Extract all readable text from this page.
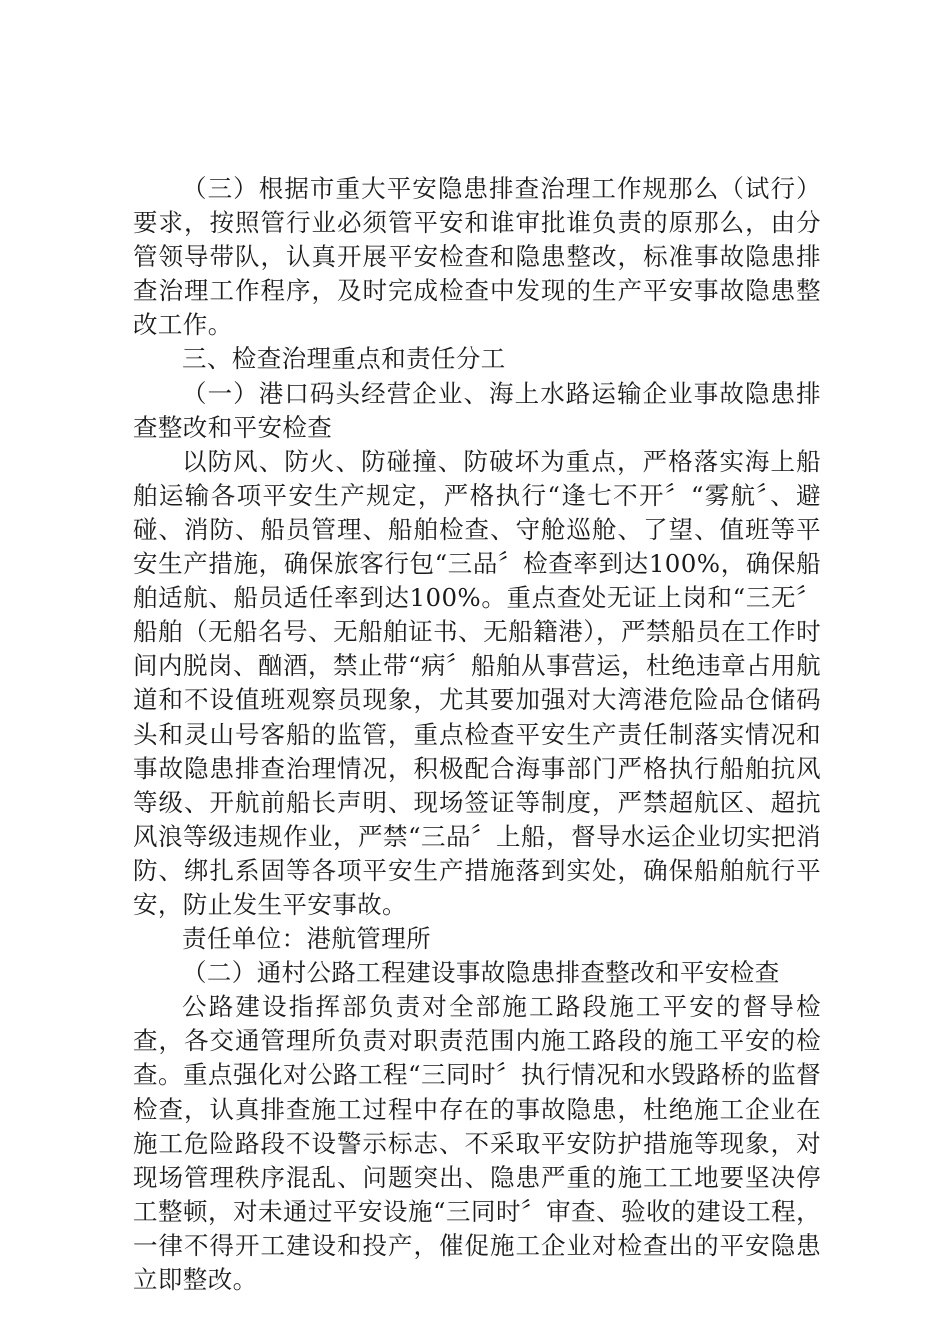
（三）根据市重大平安隐患排查治理工作规那么（试行）要求，按照管行业必须管平安和谁审批谁负责的原那么，由分管领导带队，认真开展平安检查和隐患整改，标准事故隐患排查治理工作程序，及时完成检查中发现的生产平安事故隐患整改工作。

三、检查治理重点和责任分工

（一）港口码头经营企业、海上水路运输企业事故隐患排查整改和平安检查

以防风、防火、防碰撞、防破坏为重点，严格落实海上船舶运输各项平安生产规定，严格执行“逢七不开〞“雾航〞、避碰、消防、船员管理、船舶检查、守舱巡舱、了望、值班等平安生产措施，确保旅客行包“三品〞检查率到达100%，确保船舶适航、船员适任率到达100%。重点查处无证上岗和“三无〞船舶（无船名号、无船舶证书、无船籍港），严禁船员在工作时间内脱岗、酗酒，禁止带“病〞船舶从事营运，杜绝违章占用航道和不设值班观察员现象，尤其要加强对大湾港危险品仓储码头和灵山号客船的监管，重点检查平安生产责任制落实情况和事故隐患排查治理情况，积极配合海事部门严格执行船舶抗风等级、开航前船长声明、现场签证等制度，严禁超航区、超抗风浪等级违规作业，严禁“三品〞上船，督导水运企业切实把消防、绑扎系固等各项平安生产措施落到实处，确保船舶航行平安，防止发生平安事故。

责任单位：港航管理所

（二）通村公路工程建设事故隐患排查整改和平安检查

公路建设指挥部负责对全部施工路段施工平安的督导检查，各交通管理所负责对职责范围内施工路段的施工平安的检查。重点强化对公路工程“三同时〞执行情况和水毁路桥的监督检查，认真排查施工过程中存在的事故隐患，杜绝施工企业在施工危险路段不设警示标志、不采取平安防护措施等现象，对现场管理秩序混乱、问题突出、隐患严重的施工工地要坚决停工整顿，对未通过平安设施“三同时〞审查、验收的建设工程，一律不得开工建设和投产，催促施工企业对检查出的平安隐患立即整改。
